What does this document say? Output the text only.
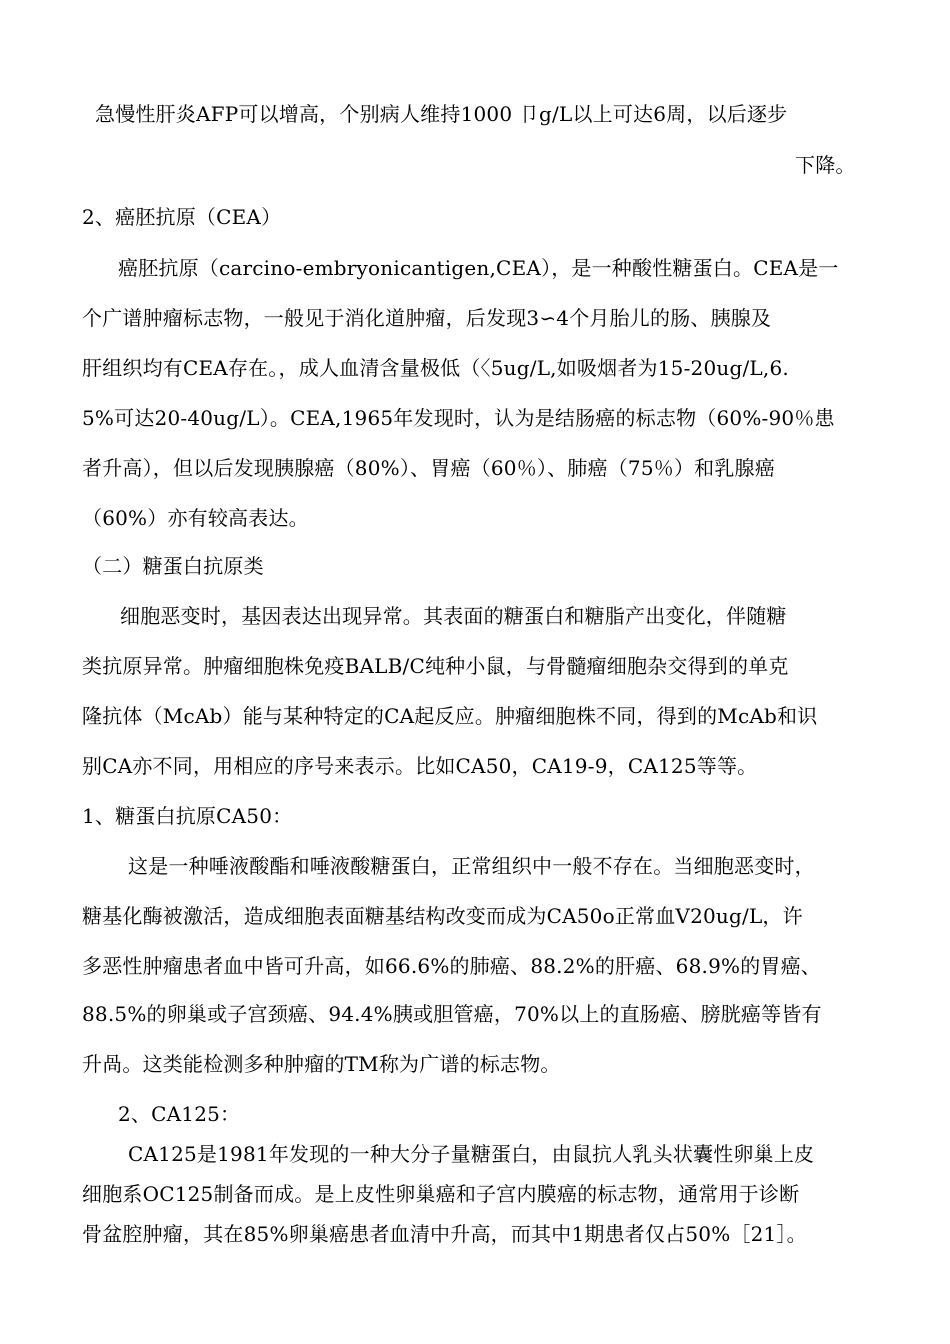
急慢性肝炎AFP可以增高，个别病人维持1000 卩g/L以上可达6周，以后逐步
下降。
2、癌胚抗原（CEA）
癌胚抗原（carcino-embryonicantigen,CEA），是一种酸性糖蛋白。CEA是一
个广谱肿瘤标志物，一般见于消化道肿瘤，后发现3∽4个月胎儿的肠、胰腺及
肝组织均有CEA存在。，成人血清含量极低（〈5ug/L,如吸烟者为15-20ug/L,6.
5%可达20-40ug/L）。CEA,1965年发现时，认为是结肠癌的标志物（60%-90％患
者升高），但以后发现胰腺癌（80%）、胃癌（60％）、肺癌（75％）和乳腺癌
（60%）亦有较高表达。
（二）糖蛋白抗原类
细胞恶变时，基因表达出现异常。其表面的糖蛋白和糖脂产出变化，伴随糖
类抗原异常。肿瘤细胞株免疫BALB/C纯种小鼠，与骨髓瘤细胞杂交得到的单克
隆抗体（McAb）能与某种特定的CA起反应。肿瘤细胞株不同，得到的McAb和识
别CA亦不同，用相应的序号来表示。比如CA50，CA19-9，CA125等等。
1、糖蛋白抗原CA50：
这是一种唾液酸酯和唾液酸糖蛋白，正常组织中一般不存在。当细胞恶变时，
糖基化酶被激活，造成细胞表面糖基结构改变而成为CA50o正常血V20ug/L，许
多恶性肿瘤患者血中皆可升高，如66.6%的肺癌、88.2%的肝癌、68.9%的胃癌、
88.5%的卵巢或子宫颈癌、94.4%胰或胆管癌，70%以上的直肠癌、膀胱癌等皆有
升咼。这类能检测多种肿瘤的TM称为广谱的标志物。
2、CA125：
CA125是1981年发现的一种大分子量糖蛋白，由鼠抗人乳头状囊性卵巢上皮
细胞系OC125制备而成。是上皮性卵巢癌和子宫内膜癌的标志物，通常用于诊断
骨盆腔肿瘤，其在85%卵巢癌患者血清中升高，而其中1期患者仅占50%［21］。
